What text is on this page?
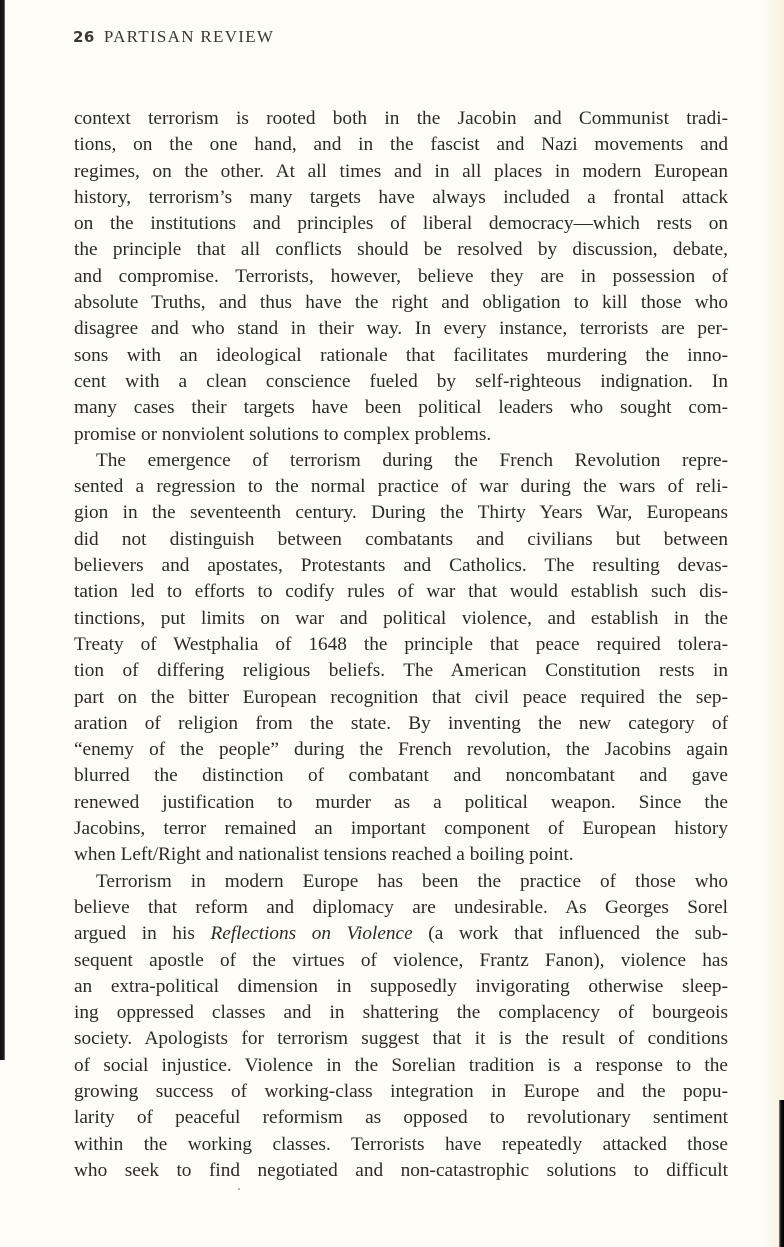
26 PARTISAN REVIEW
context terrorism is rooted both in the Jacobin and Communist tradi-
tions, on the one hand, and in the fascist and Nazi movements and
regimes, on the other. At all times and in all places in modern European
history, terrorism’s many targets have always included a frontal attack
on the institutions and principles of liberal democracy—which rests on
the principle that all conflicts should be resolved by discussion, debate,
and compromise. Terrorists, however, believe they are in possession of
absolute Truths, and thus have the right and obligation to kill those who
disagree and who stand in their way. In every instance, terrorists are per-
sons with an ideological rationale that facilitates murdering the inno-
cent with a clean conscience fueled by self-righteous indignation. In
many cases their targets have been political leaders who sought com-
promise or nonviolent solutions to complex problems.
The emergence of terrorism during the French Revolution repre-
sented a regression to the normal practice of war during the wars of reli-
gion in the seventeenth century. During the Thirty Years War, Europeans
did not distinguish between combatants and civilians but between
believers and apostates, Protestants and Catholics. The resulting devas-
tation led to efforts to codify rules of war that would establish such dis-
tinctions, put limits on war and political violence, and establish in the
Treaty of Westphalia of 1648 the principle that peace required tolera-
tion of differing religious beliefs. The American Constitution rests in
part on the bitter European recognition that civil peace required the sep-
aration of religion from the state. By inventing the new category of
“enemy of the people” during the French revolution, the Jacobins again
blurred the distinction of combatant and noncombatant and gave
renewed justification to murder as a political weapon. Since the
Jacobins, terror remained an important component of European history
when Left/Right and nationalist tensions reached a boiling point.
Terrorism in modern Europe has been the practice of those who
believe that reform and diplomacy are undesirable. As Georges Sorel
argued in his Reflections on Violence (a work that influenced the sub-
sequent apostle of the virtues of violence, Frantz Fanon), violence has
an extra-political dimension in supposedly invigorating otherwise sleep-
ing oppressed classes and in shattering the complacency of bourgeois
society. Apologists for terrorism suggest that it is the result of conditions
of social injustice. Violence in the Sorelian tradition is a response to the
growing success of working-class integration in Europe and the popu-
larity of peaceful reformism as opposed to revolutionary sentiment
within the working classes. Terrorists have repeatedly attacked those
who seek to find negotiated and non-catastrophic solutions to difficult
